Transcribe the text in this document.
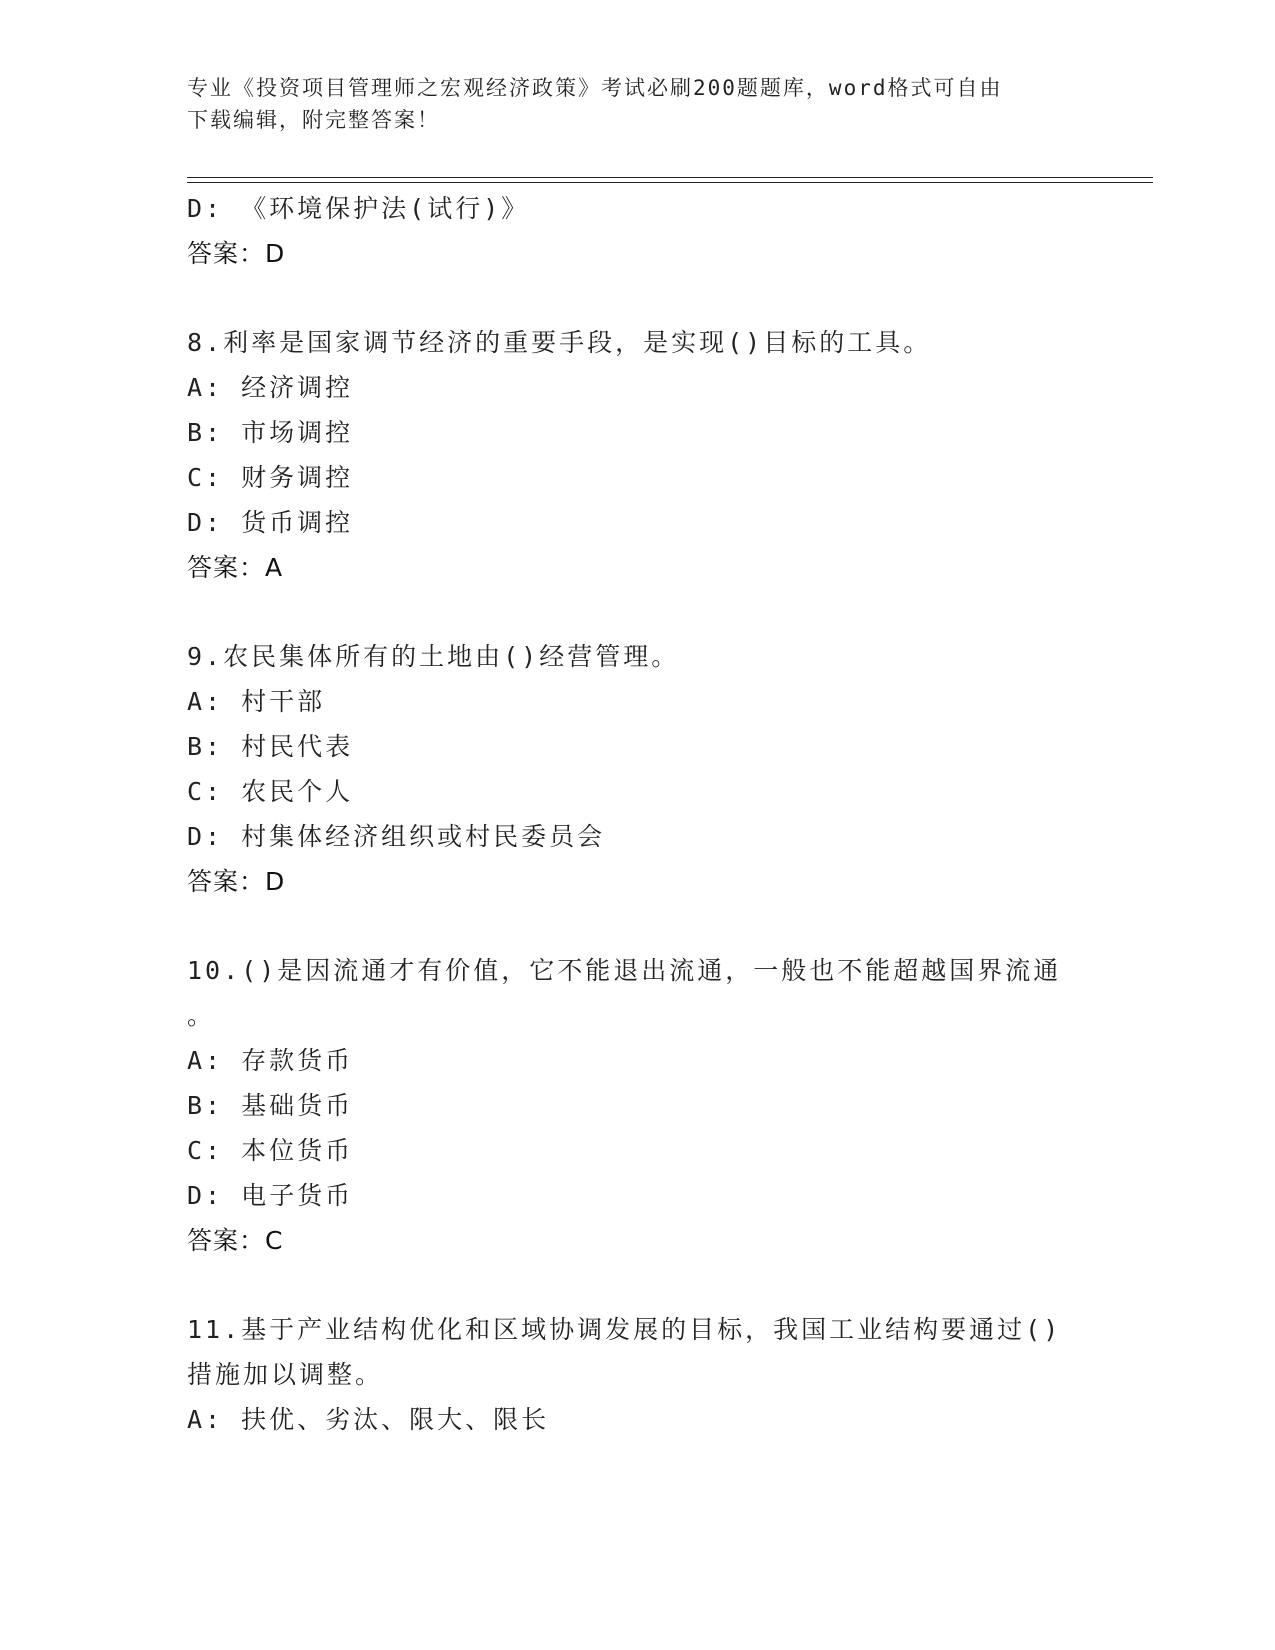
专业《投资项目管理师之宏观经济政策》考试必刷200题题库，word格式可自由
下载编辑，附完整答案！
D: 《环境保护法(试行)》
答案：D
8.利率是国家调节经济的重要手段，是实现()目标的工具。
A: 经济调控
B: 市场调控
C: 财务调控
D: 货币调控
答案：A
9.农民集体所有的土地由()经营管理。
A: 村干部
B: 村民代表
C: 农民个人
D: 村集体经济组织或村民委员会
答案：D
10.()是因流通才有价值，它不能退出流通，一般也不能超越国界流通
。
A: 存款货币
B: 基础货币
C: 本位货币
D: 电子货币
答案：C
11.基于产业结构优化和区域协调发展的目标，我国工业结构要通过()
措施加以调整。
A: 扶优、劣汰、限大、限长
